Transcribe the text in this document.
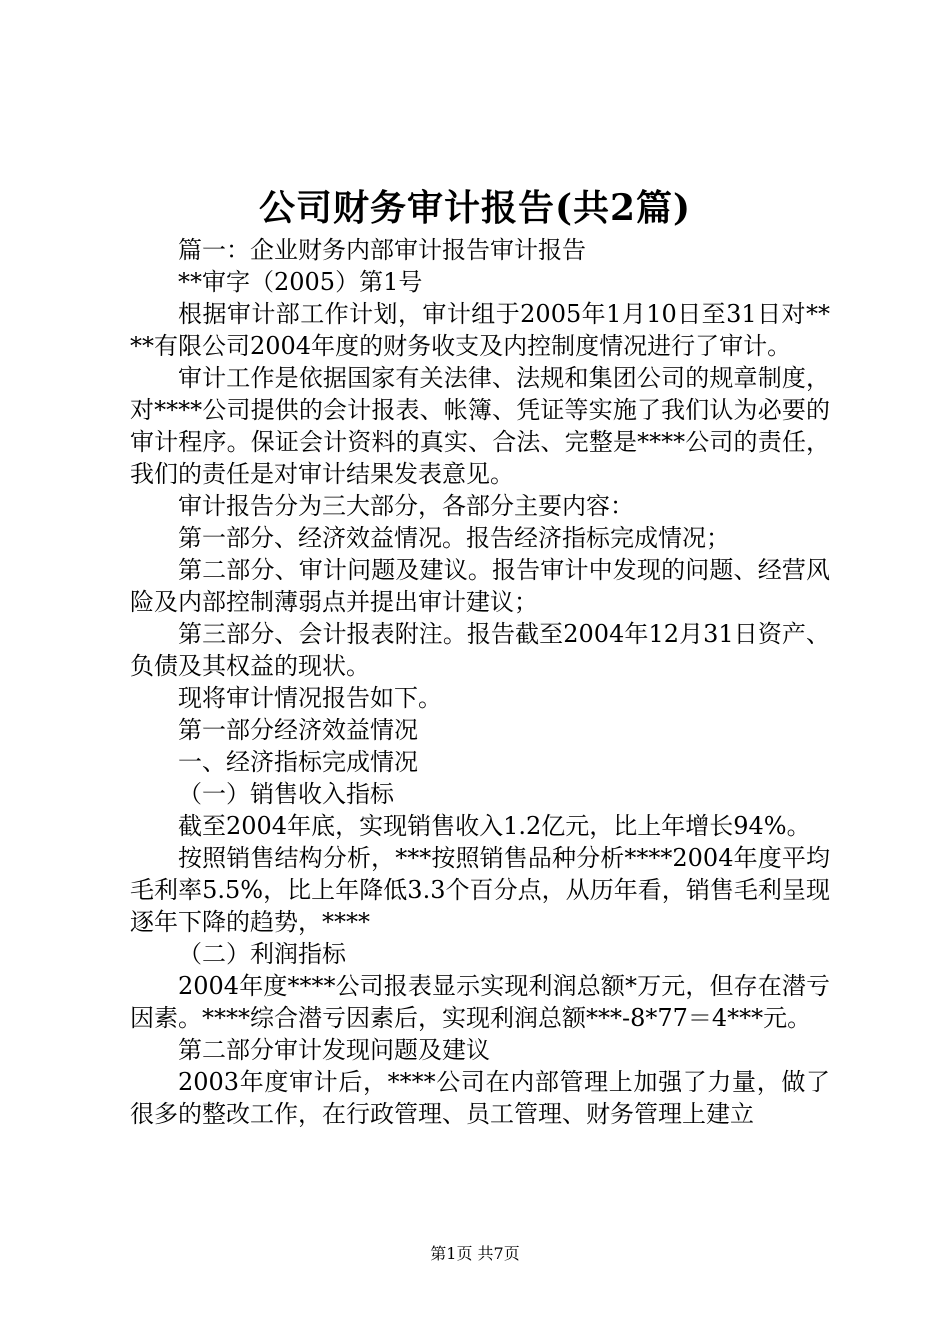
公司财务审计报告(共2篇)

篇一：企业财务内部审计报告审计报告

**审字（2005）第1号

根据审计部工作计划，审计组于2005年1月10日至31日对****有限公司2004年度的财务收支及内控制度情况进行了审计。

审计工作是依据国家有关法律、法规和集团公司的规章制度，对****公司提供的会计报表、帐簿、凭证等实施了我们认为必要的审计程序。保证会计资料的真实、合法、完整是****公司的责任，我们的责任是对审计结果发表意见。

审计报告分为三大部分，各部分主要内容：

第一部分、经济效益情况。报告经济指标完成情况；

第二部分、审计问题及建议。报告审计中发现的问题、经营风险及内部控制薄弱点并提出审计建议；

第三部分、会计报表附注。报告截至2004年12月31日资产、负债及其权益的现状。

现将审计情况报告如下。

第一部分经济效益情况

一、经济指标完成情况

（一）销售收入指标

截至2004年底，实现销售收入1.2亿元，比上年增长94%。

按照销售结构分析，***按照销售品种分析****2004年度平均毛利率5.5%，比上年降低3.3个百分点，从历年看，销售毛利呈现逐年下降的趋势，****

（二）利润指标

2004年度****公司报表显示实现利润总额*万元，但存在潜亏因素。****综合潜亏因素后，实现利润总额***-8*77＝4***元。

第二部分审计发现问题及建议

2003年度审计后，****公司在内部管理上加强了力量，做了很多的整改工作，在行政管理、员工管理、财务管理上建立

第1页 共7页
